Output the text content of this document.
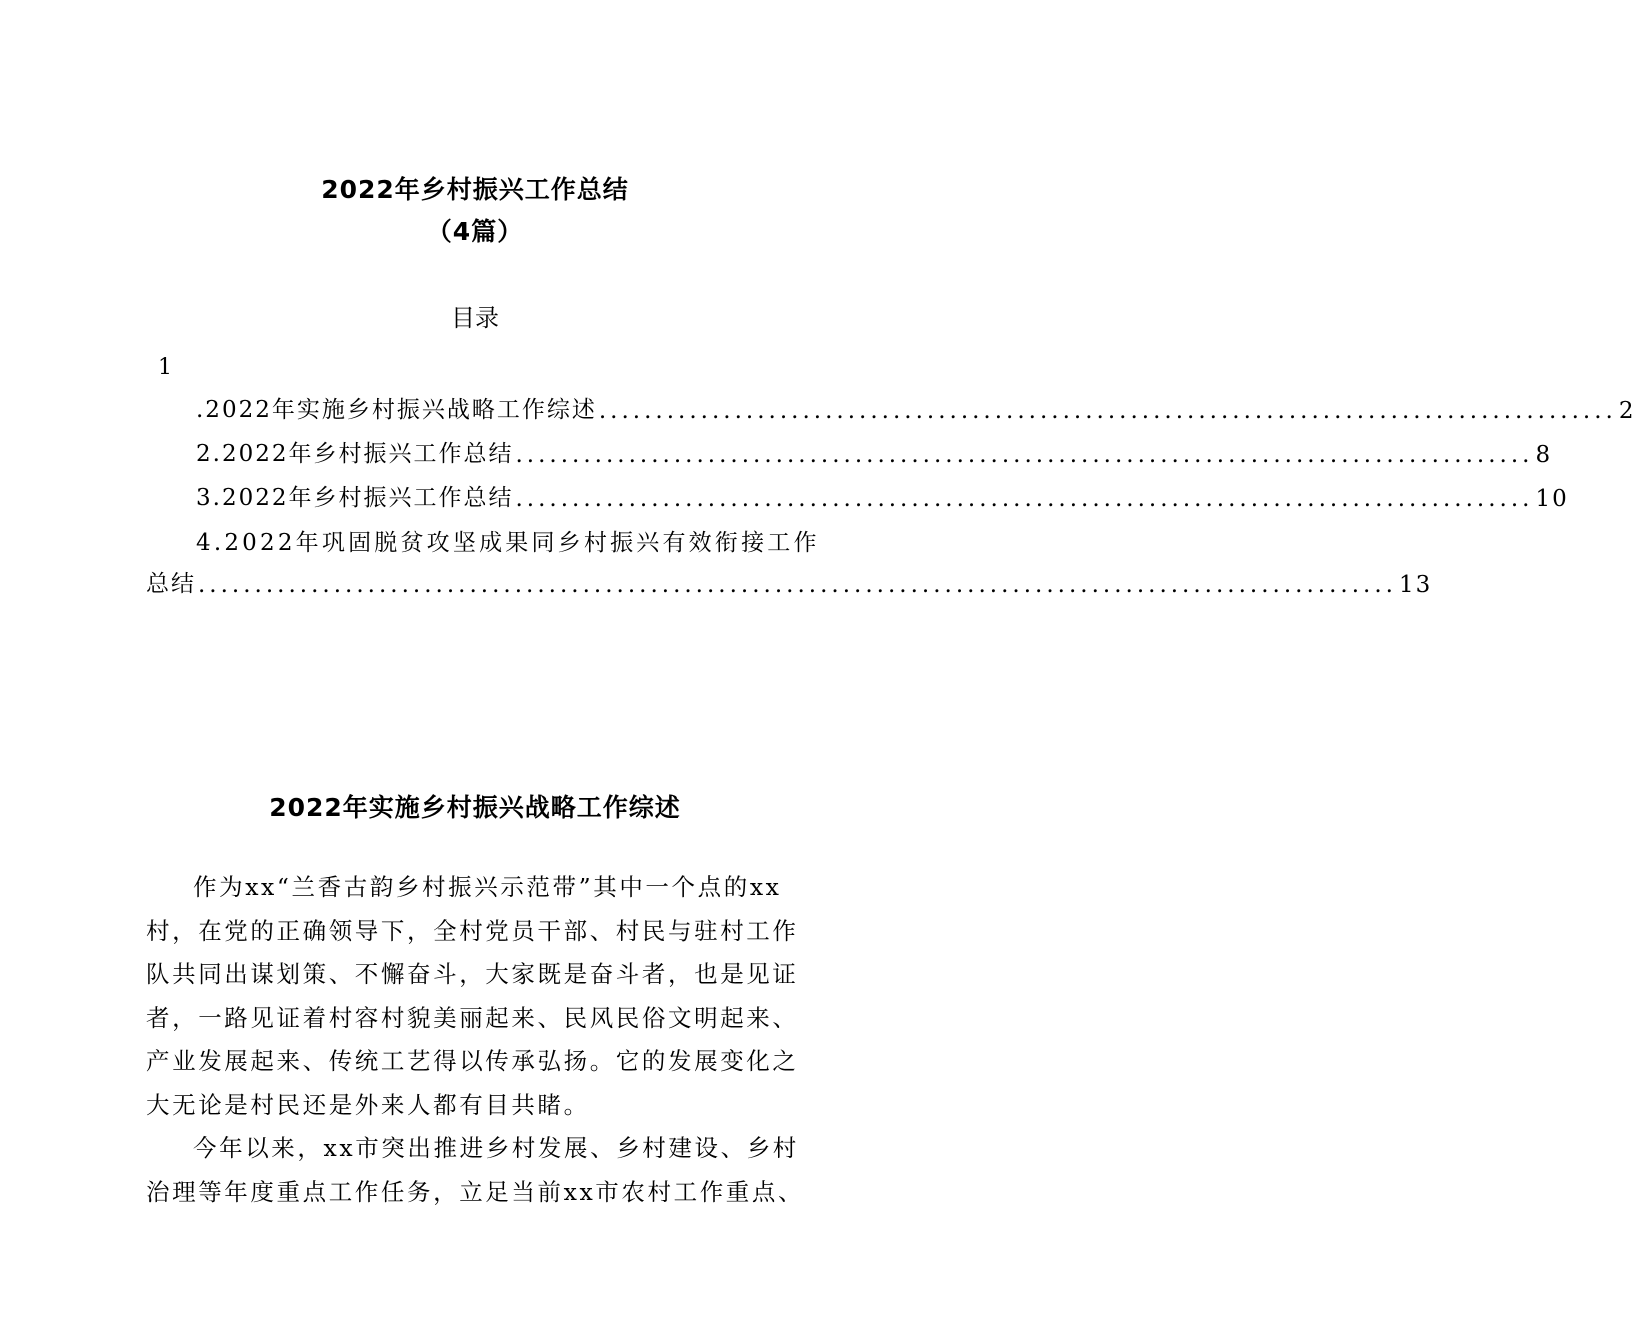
2022年乡村振兴工作总结
（4篇）
目录
1
.2022年实施乡村振兴战略工作综述 .......................................................................................... 2
2.2022年乡村振兴工作总结 .......................................................................................... 8
3.2022年乡村振兴工作总结 .......................................................................................... 10
4.2022年巩固脱贫攻坚成果同乡村振兴有效衔接工作
总结 .......................................................................................................... 13
2022年实施乡村振兴战略工作综述

作为xx“兰香古韵乡村振兴示范带”其中一个点的xx村，在党的正确领导下，全村党员干部、村民与驻村工作队共同出谋划策、不懈奋斗，大家既是奋斗者，也是见证者，一路见证着村容村貌美丽起来、民风民俗文明起来、产业发展起来、传统工艺得以传承弘扬。它的发展变化之大无论是村民还是外来人都有目共睹。

今年以来，xx市突出推进乡村发展、乡村建设、乡村治理等年度重点工作任务，立足当前xx市农村工作重点、
